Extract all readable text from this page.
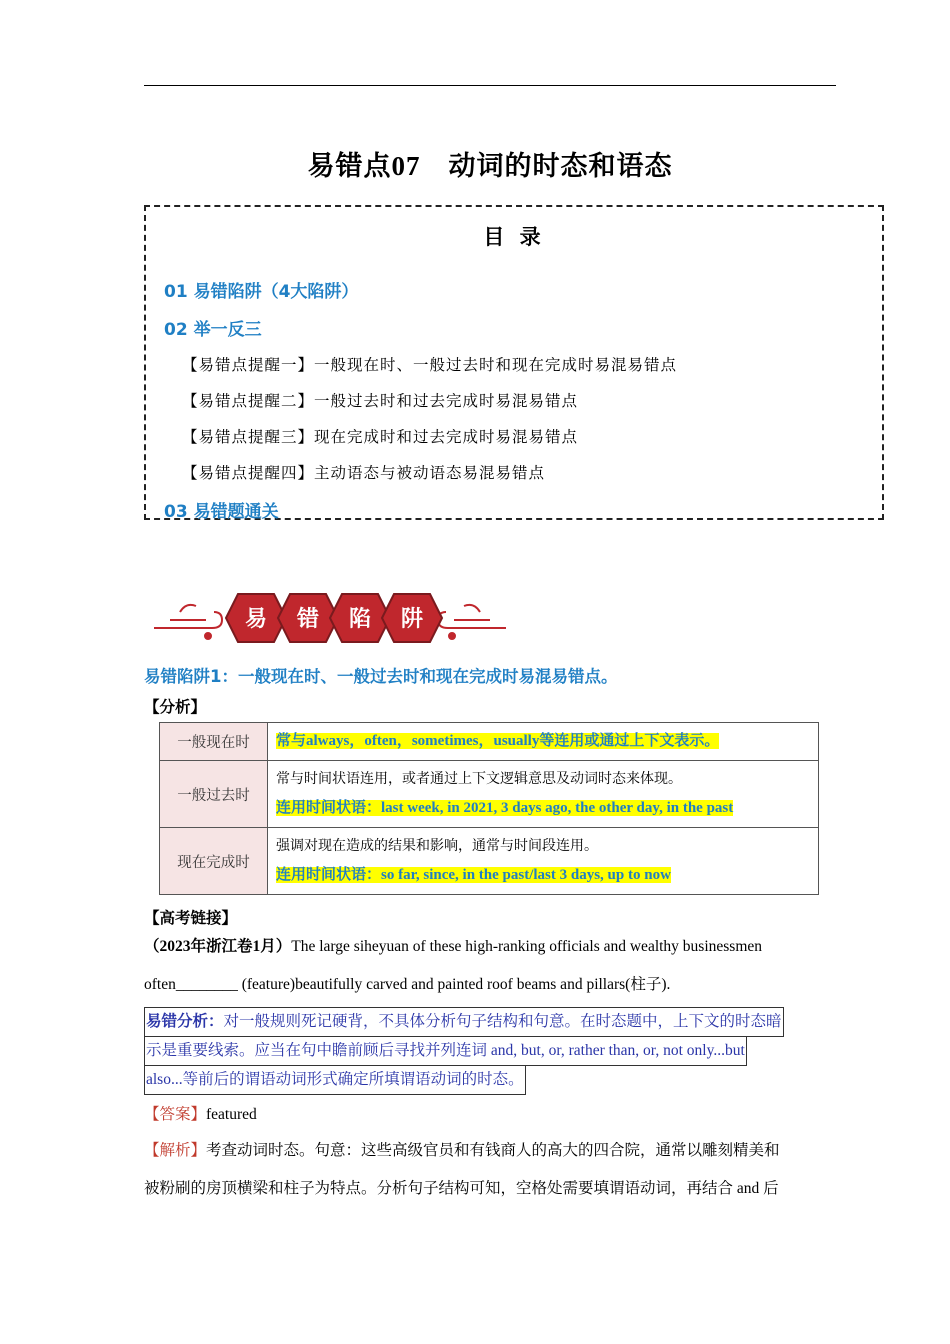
易错点07　动词的时态和语态
目 录
01 易错陷阱（4大陷阱）
02 举一反三
【易错点提醒一】一般现在时、一般过去时和现在完成时易混易错点
【易错点提醒二】一般过去时和过去完成时易混易错点
【易错点提醒三】现在完成时和过去完成时易混易错点
【易错点提醒四】主动语态与被动语态易混易错点
03 易错题通关
易 错 陷 阱
易错陷阱1：一般现在时、一般过去时和现在完成时易混易错点。
【分析】
一般现在时	常与always，often，sometimes，usually等连用或通过上下文表示。
一般过去时	常与时间状语连用，或者通过上下文逻辑意思及动词时态来体现。
连用时间状语：last week, in 2021, 3 days ago, the other day, in the past
现在完成时	强调对现在造成的结果和影响，通常与时间段连用。
连用时间状语：so far, since, in the past/last 3 days, up to now
【高考链接】
（2023年浙江卷1月）The large siheyuan of these high-ranking officials and wealthy businessmen
often________ (feature)beautifully carved and painted roof beams and pillars(柱子).
易错分析：对一般规则死记硬背，不具体分析句子结构和句意。在时态题中，上下文的时态暗
示是重要线索。应当在句中瞻前顾后寻找并列连词 and, but, or, rather than, or, not only...but
also...等前后的谓语动词形式确定所填谓语动词的时态。
【答案】featured
【解析】考查动词时态。句意：这些高级官员和有钱商人的高大的四合院，通常以雕刻精美和
被粉刷的房顶横梁和柱子为特点。分析句子结构可知，空格处需要填谓语动词，再结合 and 后
